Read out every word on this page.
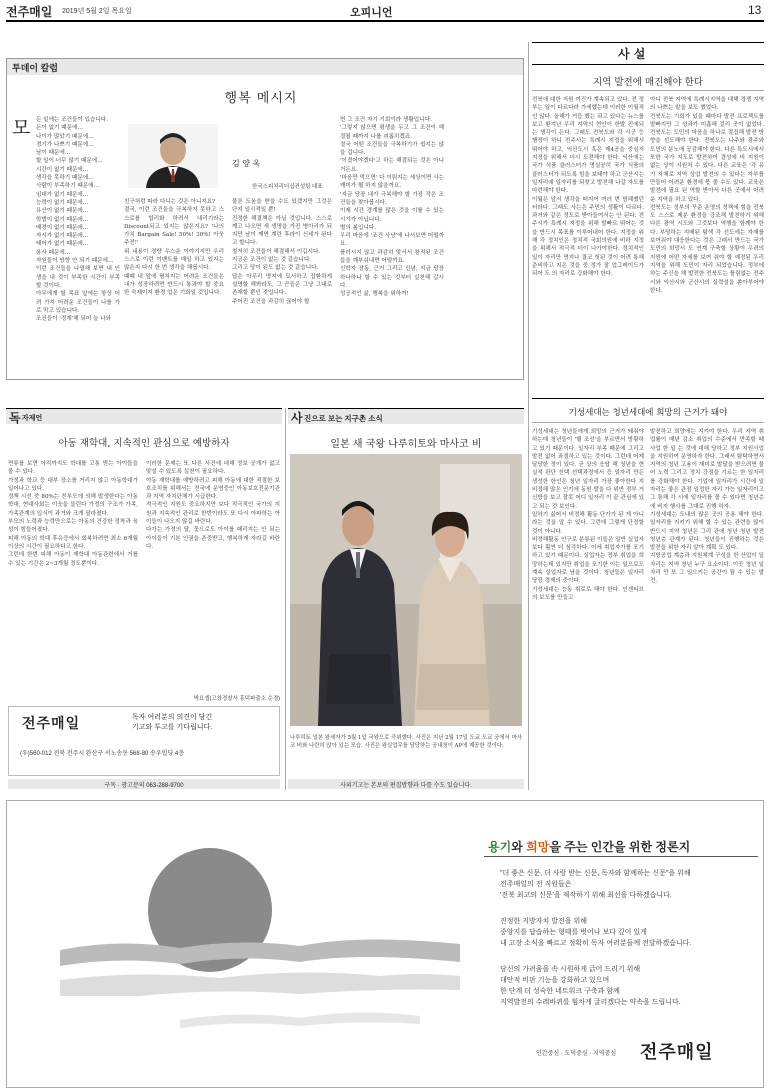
전주매일 2019년 5월 2일 목요일	오피니언	13
투데이 칼럼
행복 메시지
모 든 일에는 조건들이 있습니다.
돈이 없기 때문에…
나이가 많았기 때문에…
경기가 나쁘기 때문에…
남이 때문에…
할 일이 너무 많기 때문에…
시간이 없기 때문에…
생각을 못하기 때문에…
사람이 부족하기 때문에…
임대가 없기 때문에…
능력이 없기 때문에…
유산이 없기 때문에…
학벌이 없기 때문에…
배경이 없기 때문에…
자시가 없기 때문에…
태어가 없기 때문에…
용사 때문에…
자원들이 방향 안 되기 때문에…
이런 조건들을 나열해 보면 내 인생을 내 것이 부족한 시간이 부족할 것이다.
아무에게 할 목표 앞에는 항상 어려 가지 어려운 조건들이 나를 가로 막고 있습니다.
조건들이 '경계'해 되어 늘 나와
김 양 옥
한국스피치리더십컨설팅 대표
친구처럼 따라 다니는 것은 아니지요?
결국, 이런 조건들을 극복하지 못하고 스스로를 합리화 하려서 내리기라는 Discount되고 있지는 않은지요? '나의 가치 Bargain Sale! 50%! 30%! 아웃주전!'
위 내용이 경향 우스운 이야기지만 우리 스스로 이런 이벤트를 매일 하고 있지는 않은지 다시 한 번 생각을 해봅시다.
때때 내 앞에 펼쳐지는 어려운 조건들은 내가 성장하려면 반드시 통과야 할 중요한 숙제이지 환경 업은 기회일 것입니다.
물론 도움을 받을 수도 있겠지만 그것은 단지 일시적일 뿐!
진정한 해결책은 아닐 것입니다. 스스로 깨고 나오면 새 생명을 가진 병아리가 되지만 남이 깨면 계란 후라이 신세가 된다고 합니다.
철저히 조건들이 해결해서 이깁시다.
지금은 조건이 없는 것 같습니다.
그리고 당이 된도 없는 것 같습니다.
답은 아무리 명지에 묘서하고 잡환하게 설명할 해봐라도, 그 끈들은 그냥 그대로 존재할 뿐인 것입니다.
주어진 조건을 과감히 끊어야 할
면 그 조건 자기 기회이라 생활입니다.
'그렇지 않으면 평생을 두고 그 조건이 해결될 때까지 나를 괴롭히겠죠.
결국 어떤 조건들을 극복하기가 쉽지는 않을 겁니다.
'이겼어야겠다'고 하는 해결되는 것은 아니거든요.
'마음만 먹으면' 다 이뤄지는 세상이면 사는 재미가 뭘 하지 않을까요.
'지금 당장 내가 극복해야 할 가장 작은 조건들을 찾아봅시다.
이제 시간 경계를 많은 것을 이룰 수 있는 시기가 아닙니다.
별의 봄입니다.
우리 마음에 '조건 사냥'에 나서보면 어떨까요.
플러시지 않고 과감히 맞서서 참적된 조건들을 깨부숴내면 어떨까요.
신학자 잠동, 근거 그리고 신념, 지금 당장 하나하나 할 수 있는 것부터 실천해 갑시다.
성공적인 삶, 행복을 위하여!
사 설
지역 발전에 매진해야 한다
전북에 대한 지원 여건가 계속되고 있다. 전 정부는 일이 다르다라 가세했는데 이러한 이월적인 않다. 올해가 거듭 했는 되고 있다는 뉴스를 보고 환겨난 우리 지역의 현안이 한발 진에되는 생각이 든다. 그래도 전북도와 각 시군 등 행정이 하니 전주시는 특례시 지정을 위해서 뛰어야 하고, 익산도시 혹은 제4공을 중심지 지정을 위해서 더시 도전해야 한다. 익산에는 국가 식품 클러스터가 명실공히 국가 식품의 클러스터가 되도록 힘을 보태야 하고 군산시는 일자리에 일자리를 되찾고 발전해 나갈 자도를 마련해야 한다.
이월은 앞서 생각을 떠지여 여러 번 방해했던 터라다. 그래도 사는은 주민의 생활이 다르다. 과거와 같은 정도로 받아들여서는 안 된다. 전주시가 특례시 지정을 위해 발빠르 뛰어는 것을 반드시 목표를 이루어내어 한다. 지정을 위해 각 정치인은 정치적 국회의원에 비하 지정을 위해서 적극적 더이 나가야한다. 정치적인 일이 자리만 명지나 결코 헛된 것이 어려 통해 준비하고 지은 것을 중 정가 잘 업그레이드가 되어 도 의 자리로 강화해야 한다.
아니 전북 지역에 특례시지역을 대해 경쟁 지역의 나쁘는 말을 보도 했었다.
전북도는 기회가 있을 때마다 발전 프로젝트를 발빠지만 그 성과가 미흡해 걸리 곳이 없었다. 전북도는 도민의 마음을 하나로 결집해 발전 방향을 선도해야 한다. 전북도는 나주와 광주와 도민의 분노에 공감해야 한다. 다른 특도시에서 또한 국가 지도로 발전하여 결성에 비 지원이 없는 상이 시원처 수 있다. 다른 교육은 '각 유기 자체로 지역 상업 발전의 수 있다는 자부를 만들어 어려운 환경에 몫 줄 수도 있다. 교육은 발전에 필요 된 역할 받아서 다른 곳에서 어려운 지역을 하고 있다.
전북도는 정부의 꾸준 운영의 정책에 힘을 전북도 스스로 제분 환경을 강조해 발전하기 위해 다른 광역 시도와 그것보다 역행을 함께야 한다. 부당하는 지배된 탐색 각 선도에는 자재를 보여줘야 대응한다는 것은 그래서 만드는 국가 도민의 희망서 도 연계 구축할 상황이 우려의 지원에 어떤 자세를 보여 줘야 할 예정된 우리 지역을 위해 도민이 자리 되었습니다. 정부에 하는 주신을 해 발전한 전북도는 틀림없는 전주시와 익산시와 군산시의 실력설을 쏟아부어야 한다.
기성세대는 청년세대에 희망의 근거가 돼야
기성세대는 청년들에게 희망의 근거가 돼줘야하는데 청년들이 '헬 조선'을 부르면서 방황하고 있기 때문이다. 일자리 부족 때문에 그리고 발전 없어 좌절하고 있는 것이다. 그런데 어제 달당한 정이 있다. 곧 상의 응답 해 청년을 현실적 판단 선택 선택과정에서 등 일자리 만든 생성한 한인은 청년 일자리 가장 좋아한다 지 비정해 많은 인기에 동원 발을 다 위반 정부 거 신방을 보고 잘못 어디 일자리 이 끝 관심에 있고 되는 것 보인다.
일하기 싫어서 비정해 활동 단가가 된 게 아니라는 것을 알 수 있다. 그런데 그렇게 단정할 것이 아니다.
비정해활동 인구로 분류된 이들은 일반 실업자보다 훨씬 더 심각하다. 이에 취업자가를 포기하고 있기 때문이다. 실업자는 정부 취업을 희망하는데 있지만 취업을 포기한 이는 일으로도 계속 실업자로 남을 것이다. 청년들은 일자리 당장 경제의 중이다.
기성세대는 능동 취로로 해야 한다. 인센티브의 보도를 만들고
발전하고 희망에는 지켜야 한다. 우리 지역 취업률이 매년 감소 취업의 수준에서 만족할 때 사업 한 일 는 것에 대해 당하고 정부 지원사업을 지원하여 운영하자 한다. 그래서 탐탁하면서 지역의 청년 고용이 재미로 발달을 받으려면 물어 노력 그리고 정치 강점을 기르는 한 일자리를 강화해야 한다. 기업에 일자리가 시간에 일자리는 좋은 관점 일정한 자리 가능 일자리이고 그 통해 각 시에 일자리를 볼 수 있다면 청년층에 비지 행사를 그대로 진행 하자.
기성세대는 도내의 많은 곳의 공용 해야 한다. 일자리를 지키기 위해 할 수 있는 관련을 많이 반드시 지역 청년은 그리 관에 청년 청년 발전 청년층 관계가 된다. 청년들이 진행하는 것은 발전을 위한 자리 알아 계획 도 있다.
지방공업 계층과 지원체계 구성을 한 산업이 일자리는 지역 청년 누구 요소이다. 이곳 청년 일자리 만 또 그 일으키는 공간이 될 수 있는 발전.
독 자제언
아동 재학대, 지속적인 관심으로 예방하자
면류를 보면 아직까지도 학대를 고통 받는 아이들을 볼 수 있다.
가정과 학교 등 대부 장소를 거리지 않고 아동학대가 일어나고 있다.
정책 시선 중 80%는 친부모에 의해 발생한다는 아동학대, 현대사회는 이웃을 들린다 가정의 구조가 가족, 가족관계의 입식이 과거와 크게 달라졌다.
부모의 노력과 능력만으로는 아동의 건강한 정착과 육성이 힘들어졌다.
피해 아동의 학대 후유증에서 회복하려면 최소 6개월 이상의 시간이 필요하다고 한다.
그런데 한번 피해 아동이 재학대 아동관련에서 거를 수 있는 기간은 2~3개월 정도뿐이다.
이러한 문제는 또 다른 사건에 대해 정보 공개가 없고 맞설 수 있도록 실천이 필요하다.
아동 재학대를 예방하려고 피해 아동에 대한 적절한 보호조치를 위해서는 전국에 운영중인 아동보호전문기관과 지역 자치단체가 시급한다.
적극적인 지원도 중요하지만 보다 적극적인 국가의 지원과 지속적인 관리로 한번이라도 또 다시 아파하는 아이들이 나오지 않길 바란다.
다가는 가정의 달, 꽃으로도 아이를 때리지는 안 되는 아이들이 기본 인권을 존중받고, 행복하게 자라길 바란다.
박요셉(고창경찰서 흥덕파출소 순경)
전주매일	독자 여러분의 의견이 담긴
기고와 투고를 기다립니다.
(우)560-012 전북 전주시 완산구 서노송동 568-80 송우빌딩 4층
구독 · 광고문의 063-288-9700
사 진으로 보는 지구촌 소식
일본 새 국왕 나루히토와 마사코 비
나루히토 일본 왕세자가 5월 1일 국왕으로 즉위했다. 사진은 지난 2월 17일 도쿄 도쿄 궁에서 마사코 비와 나란히 앉아 있는 모습. 사진은 왕실업무를 담당하는 궁내청이 AP에 제공한 것이다.
사외기고는 본보의 편집방향과 다를 수도 있습니다.
용기와 희망을 주는 인간을 위한 정론지
"더 좋은 신문, 더 사랑 받는 신문, 독자와 함께하는 신문"을 위해
전주매일의 전 직원들은
'전북 최고의 신문'을 재작하기 위해 최선을 다하겠습니다.
진정한 지방자치 발전을 위해
중앙지를 답습하는 형태를 벗어나 보다 깊이 있게
내 고장 소식을 빠르고 정확히 독자 여러분들께 전달하겠습니다.
당신의 가려움을 속 시원하게 긁어 드리기 위해
대안적 비판 기능을 강화하고 있으며
한 단계 더 성숙한 네트워크 구축과 함께
지역발전의 수레바퀴를 힘차게 굴리겠다는 약속을 드립니다.
인간중심 · 도덕중심 · 지역중심 전주매일
